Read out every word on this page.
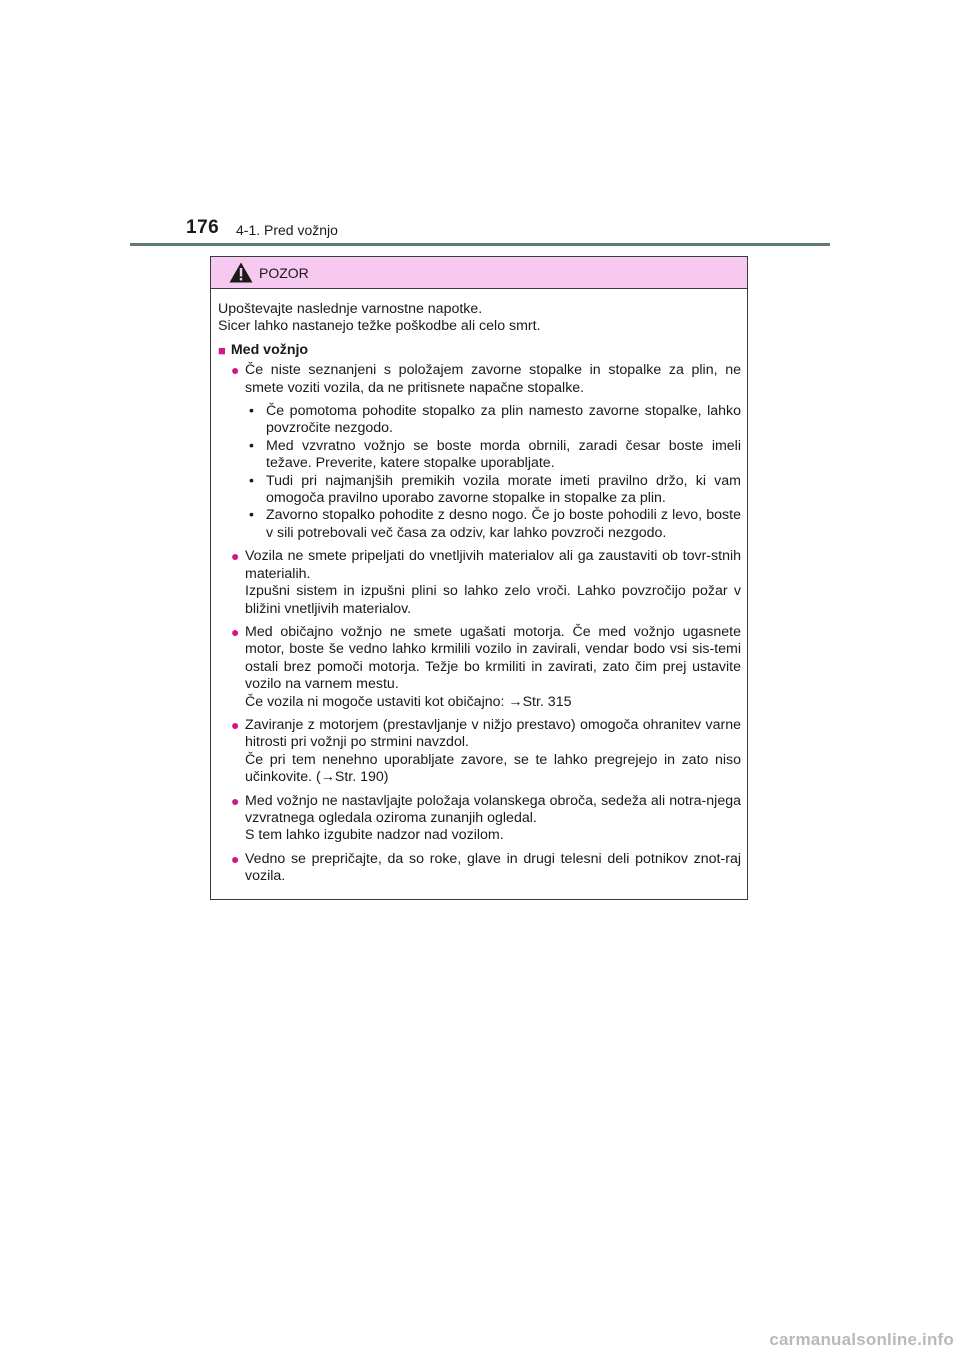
176 4-1. Pred vožnjo
POZOR

Upoštevajte naslednje varnostne napotke.

Sicer lahko nastanejo težke poškodbe ali celo smrt.

■ Med vožnjo
● Če niste seznanjeni s položajem zavorne stopalke in stopalke za plin, ne smete voziti vozila, da ne pritisnete napačne stopalke.

• Če pomotoma pohodite stopalko za plin namesto zavorne stopalke, lahko povzročite nezgodo.
• Med vzvratno vožnjo se boste morda obrnili, zaradi česar boste imeli težave. Preverite, katere stopalke uporabljate.
• Tudi pri najmanjših premikih vozila morate imeti pravilno držo, ki vam omogoča pravilno uporabo zavorne stopalke in stopalke za plin.
• Zavorno stopalko pohodite z desno nogo. Če jo boste pohodili z levo, boste v sili potrebovali več časa za odziv, kar lahko povzroči nezgodo.
● Vozila ne smete pripeljati do vnetljivih materialov ali ga zaustaviti ob tovr-stnih materialih.

Izpušni sistem in izpušni plini so lahko zelo vroči. Lahko povzročijo požar v bližini vnetljivih materialov.

● Med običajno vožnjo ne smete ugašati motorja. Če med vožnjo ugasnete motor, boste še vedno lahko krmilili vozilo in zavirali, vendar bodo vsi sis-temi ostali brez pomoči motorja. Težje bo krmiliti in zavirati, zato čim prej ustavite vozilo na varnem mestu.

Če vozila ni mogoče ustaviti kot običajno: →Str. 315

● Zaviranje z motorjem (prestavljanje v nižjo prestavo) omogoča ohranitev varne hitrosti pri vožnji po strmini navzdol.

Če pri tem nenehno uporabljate zavore, se te lahko pregrejejo in zato niso učinkovite. (→Str. 190)

● Med vožnjo ne nastavljajte položaja volanskega obroča, sedeža ali notra-njega vzvratnega ogledala oziroma zunanjih ogledal.

S tem lahko izgubite nadzor nad vozilom.

● Vedno se prepričajte, da so roke, glave in drugi telesni deli potnikov znot-raj vozila.

carmanualsonline.info
